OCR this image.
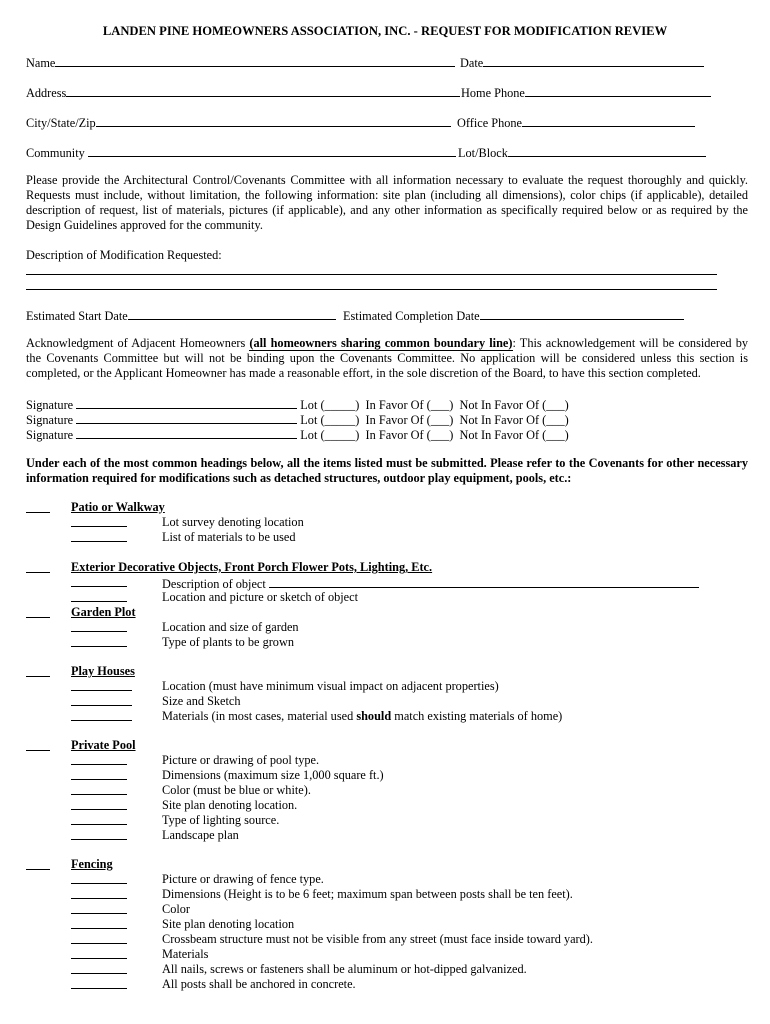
LANDEN PINE HOMEOWNERS ASSOCIATION, INC. - REQUEST FOR MODIFICATION REVIEW
Name	Date
Address	Home Phone
City/State/Zip	Office Phone
Community	Lot/Block

Please provide the Architectural Control/Covenants Committee with all information necessary to evaluate the request thoroughly and quickly. Requests must include, without limitation, the following information: site plan (including all dimensions), color chips (if applicable), detailed description of request, list of materials, pictures (if applicable), and any other information as specifically required below or as required by the Design Guidelines approved for the community.

Description of Modification Requested:
Estimated Start Date	Estimated Completion Date

Acknowledgment of Adjacent Homeowners (all homeowners sharing common boundary line): This acknowledgement will be considered by the Covenants Committee but will not be binding upon the Covenants Committee. No application will be considered unless this section is completed, or the Applicant Homeowner has made a reasonable effort, in the sole discretion of the Board, to have this section completed.

Signature	Lot (_____) In Favor Of (___) Not In Favor Of (___)
Signature	Lot (_____) In Favor Of (___) Not In Favor Of (___)
Signature	Lot (_____) In Favor Of (___) Not In Favor Of (___)

Under each of the most common headings below, all the items listed must be submitted. Please refer to the Covenants for other necessary information required for modifications such as detached structures, outdoor play equipment, pools, etc.:

Patio or Walkway
Lot survey denoting location
List of materials to be used
Exterior Decorative Objects, Front Porch Flower Pots, Lighting, Etc.
Description of object
Location and picture or sketch of object
Garden Plot
Location and size of garden
Type of plants to be grown
Play Houses
Location (must have minimum visual impact on adjacent properties)
Size and Sketch
Materials (in most cases, material used should match existing materials of home)
Private Pool
Picture or drawing of pool type.
Dimensions (maximum size 1,000 square ft.)
Color (must be blue or white).
Site plan denoting location.
Type of lighting source.
Landscape plan
Fencing
Picture or drawing of fence type.
Dimensions (Height is to be 6 feet; maximum span between posts shall be ten feet).
Color
Site plan denoting location
Crossbeam structure must not be visible from any street (must face inside toward yard).
Materials
All nails, screws or fasteners shall be aluminum or hot-dipped galvanized.
All posts shall be anchored in concrete.
